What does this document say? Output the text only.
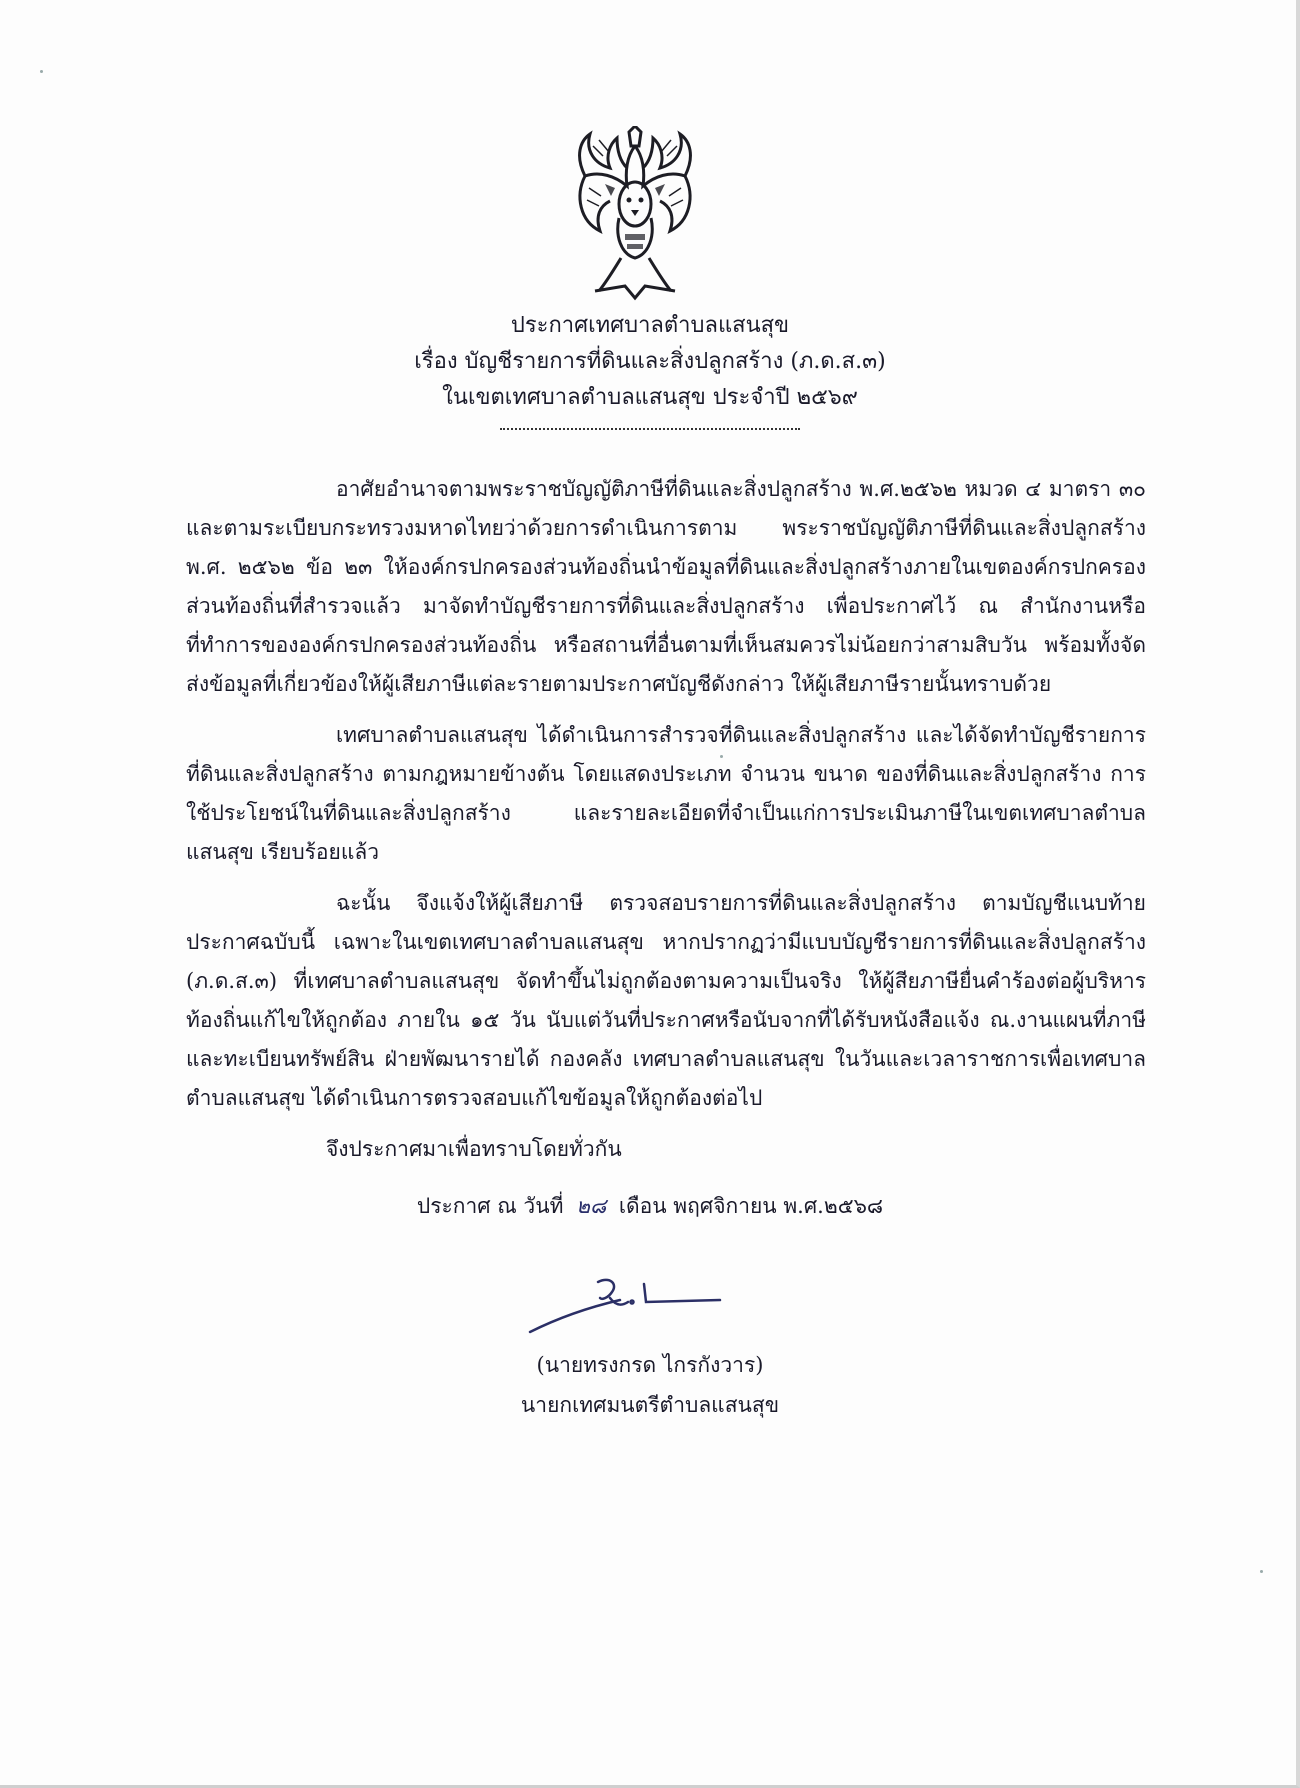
ประกาศเทศบาลตำบลแสนสุข
เรื่อง บัญชีรายการที่ดินและสิ่งปลูกสร้าง (ภ.ด.ส.๓)
ในเขตเทศบาลตำบลแสนสุข ประจำปี ๒๕๖๙

อาศัยอำนาจตามพระราชบัญญัติภาษีที่ดินและสิ่งปลูกสร้าง พ.ศ.๒๕๖๒ หมวด ๔ มาตรา ๓๐ และตามระเบียบกระทรวงมหาดไทยว่าด้วยการดำเนินการตาม พระราชบัญญัติภาษีที่ดินและสิ่งปลูกสร้าง พ.ศ. ๒๕๖๒ ข้อ ๒๓ ให้องค์กรปกครองส่วนท้องถิ่นนำข้อมูลที่ดินและสิ่งปลูกสร้างภายในเขตองค์กรปกครองส่วนท้องถิ่นที่สำรวจแล้ว มาจัดทำบัญชีรายการที่ดินและสิ่งปลูกสร้าง เพื่อประกาศไว้ ณ สำนักงานหรือที่ทำการขององค์กรปกครองส่วนท้องถิ่น หรือสถานที่อื่นตามที่เห็นสมควรไม่น้อยกว่าสามสิบวัน พร้อมทั้งจัดส่งข้อมูลที่เกี่ยวข้องให้ผู้เสียภาษีแต่ละรายตามประกาศบัญชีดังกล่าว ให้ผู้เสียภาษีรายนั้นทราบด้วย

เทศบาลตำบลแสนสุข ได้ดำเนินการสำรวจที่ดินและสิ่งปลูกสร้าง และได้จัดทำบัญชีรายการที่ดินและสิ่งปลูกสร้าง ตามกฎหมายข้างต้น โดยแสดงประเภท จำนวน ขนาด ของที่ดินและสิ่งปลูกสร้าง การใช้ประโยชน์ในที่ดินและสิ่งปลูกสร้าง และรายละเอียดที่จำเป็นแก่การประเมินภาษีในเขตเทศบาลตำบลแสนสุข เรียบร้อยแล้ว

ฉะนั้น จึงแจ้งให้ผู้เสียภาษี ตรวจสอบรายการที่ดินและสิ่งปลูกสร้าง ตามบัญชีแนบท้ายประกาศฉบับนี้ เฉพาะในเขตเทศบาลตำบลแสนสุข หากปรากฏว่ามีแบบบัญชีรายการที่ดินและสิ่งปลูกสร้าง (ภ.ด.ส.๓) ที่เทศบาลตำบลแสนสุข จัดทำขึ้นไม่ถูกต้องตามความเป็นจริง ให้ผู้สียภาษียื่นคำร้องต่อผู้บริหารท้องถิ่นแก้ไขให้ถูกต้อง ภายใน ๑๕ วัน นับแต่วันที่ประกาศหรือนับจากที่ได้รับหนังสือแจ้ง ณ.งานแผนที่ภาษีและทะเบียนทรัพย์สิน ฝ่ายพัฒนารายได้ กองคลัง เทศบาลตำบลแสนสุข ในวันและเวลาราชการเพื่อเทศบาลตำบลแสนสุข ได้ดำเนินการตรวจสอบแก้ไขข้อมูลให้ถูกต้องต่อไป

จึงประกาศมาเพื่อทราบโดยทั่วกัน

ประกาศ ณ วันที่ ๒๘ เดือน พฤศจิกายน พ.ศ.๒๕๖๘
(นายทรงกรด ไกรกังวาร)
นายกเทศมนตรีตำบลแสนสุข
